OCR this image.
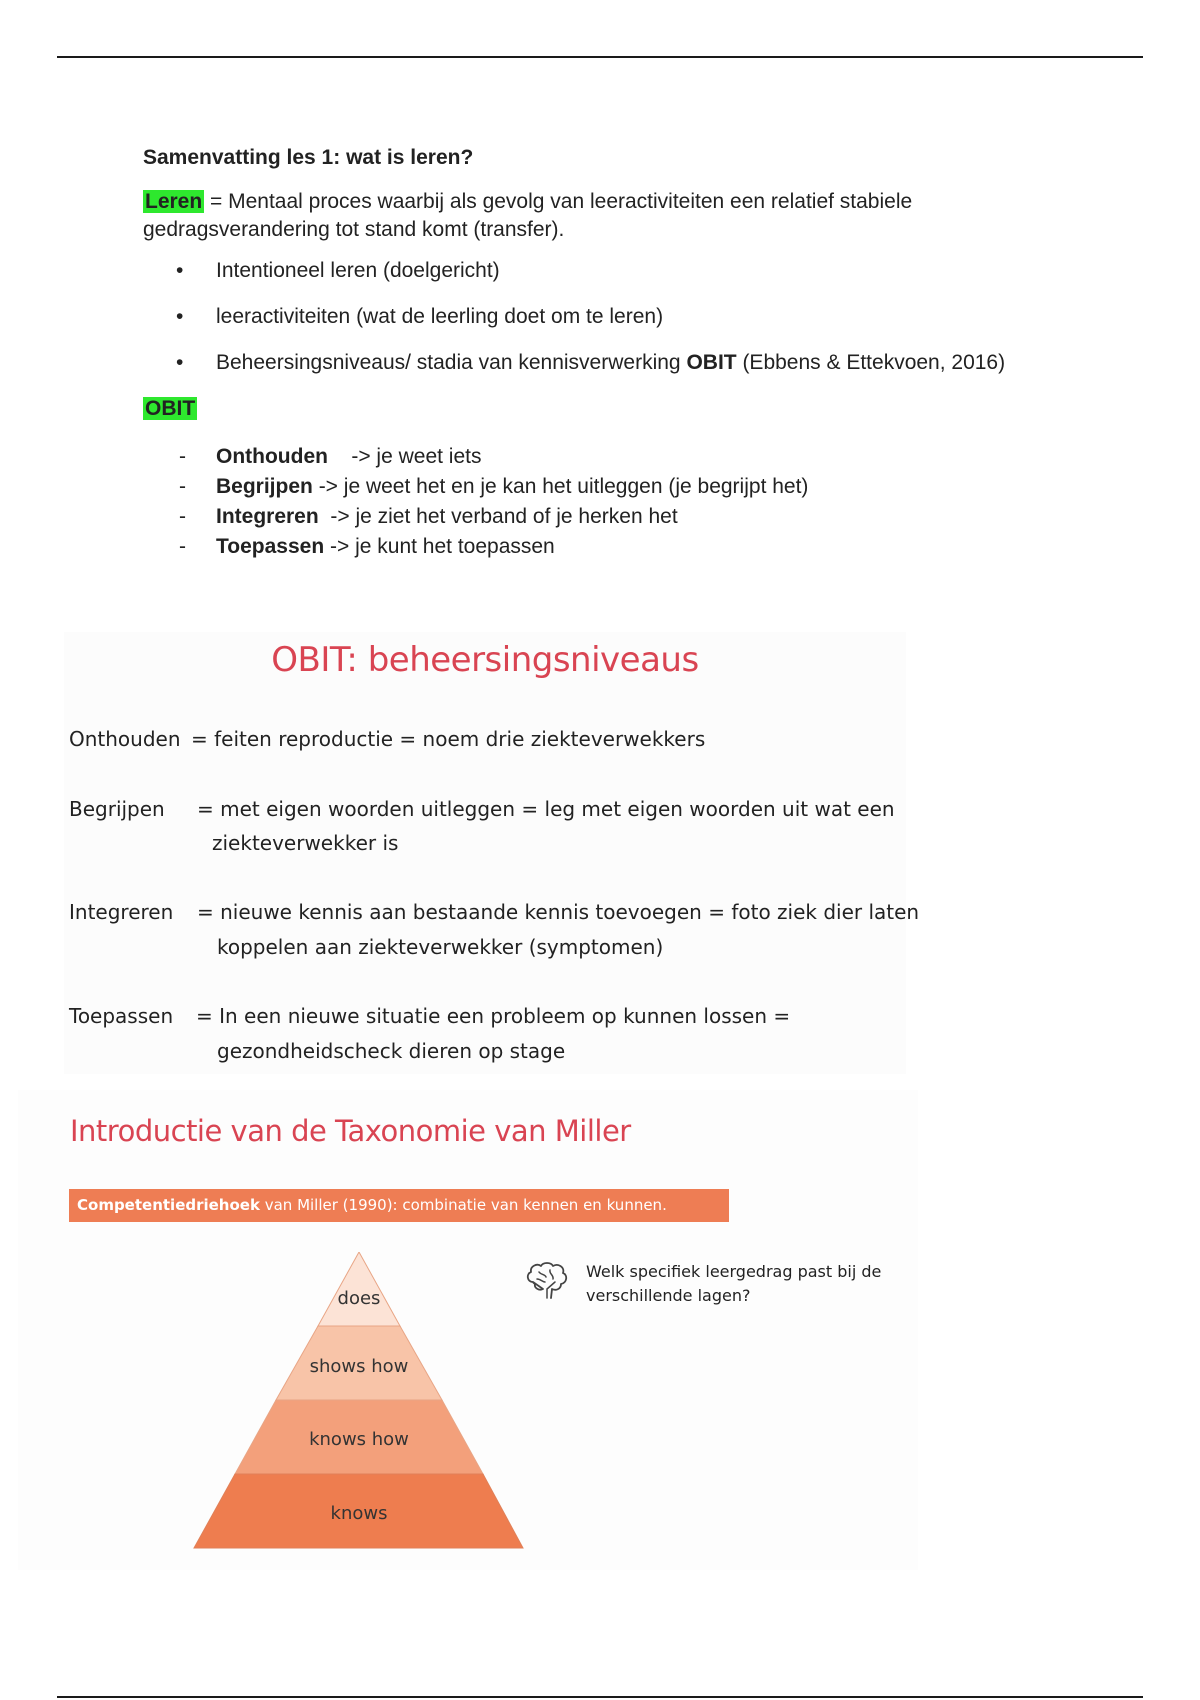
Samenvatting les 1: wat is leren?

Leren = Mentaal proces waarbij als gevolg van leeractiviteiten een relatief stabiele gedragsverandering tot stand komt (transfer).
• Intentioneel leren (doelgericht)
• leeractiviteiten (wat de leerling doet om te leren)
• Beheersingsniveaus/ stadia van kennisverwerking OBIT (Ebbens & Ettekvoen, 2016)
OBIT
- Onthouden    -> je weet iets
- Begrijpen -> je weet het en je kan het uitleggen (je begrijpt het)
- Integreren  -> je ziet het verband of je herken het
- Toepassen -> je kunt het toepassen
OBIT: beheersingsniveaus
Onthouden = feiten reproductie = noem drie ziekteverwekkers
Begrijpen = met eigen woorden uitleggen = leg met eigen woorden uit wat een
ziekteverwekker is
Integreren = nieuwe kennis aan bestaande kennis toevoegen = foto ziek dier laten
koppelen aan ziekteverwekker (symptomen)
Toepassen = In een nieuwe situatie een probleem op kunnen lossen =
gezondheidscheck dieren op stage
Introductie van de Taxonomie van Miller
Competentiedriehoek van Miller (1990): combinatie van kennen en kunnen.
does
shows how
knows how
knows
Welk specifiek leergedrag past bij de verschillende lagen?
